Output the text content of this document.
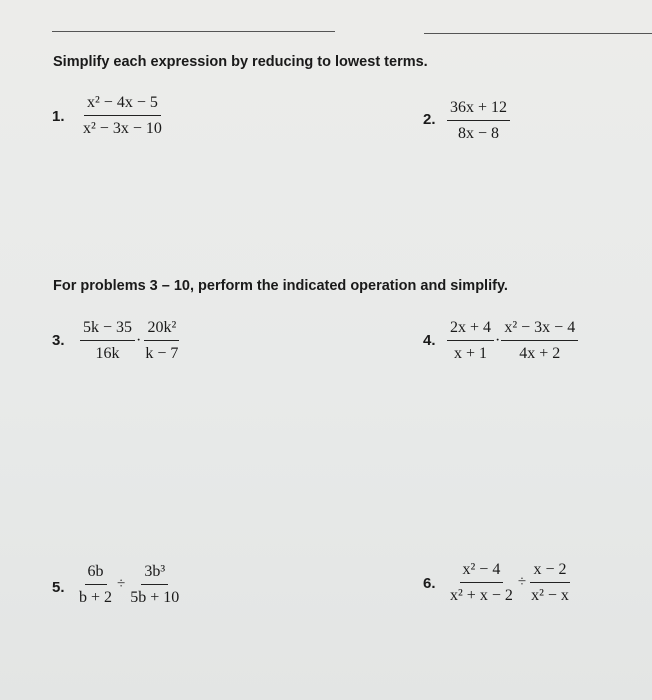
Simplify each expression by reducing to lowest terms.
1. $\frac{\text{x² − 4x − 5}}{\text{x² − 3x − 10}}$	2. $\frac{36x + 12}{8x - 8}$
For problems 3 – 10, perform the indicated operation and simplify.
3. $\frac{5k - 35}{16k} \cdot \frac{\text{20k²}}{k - 7}$	4. $\frac{2x + 4}{x + 1} \cdot \frac{\text{x² − 3x − 4}}{4x + 2}$
5. $\frac{6b}{b + 2} \div \frac{\text{3b³}}{5b + 10}$	6. $\frac{\text{x² − 4}}{\text{x² + x − 2}} \div \frac{x - 2}{\text{x² − x}}$
